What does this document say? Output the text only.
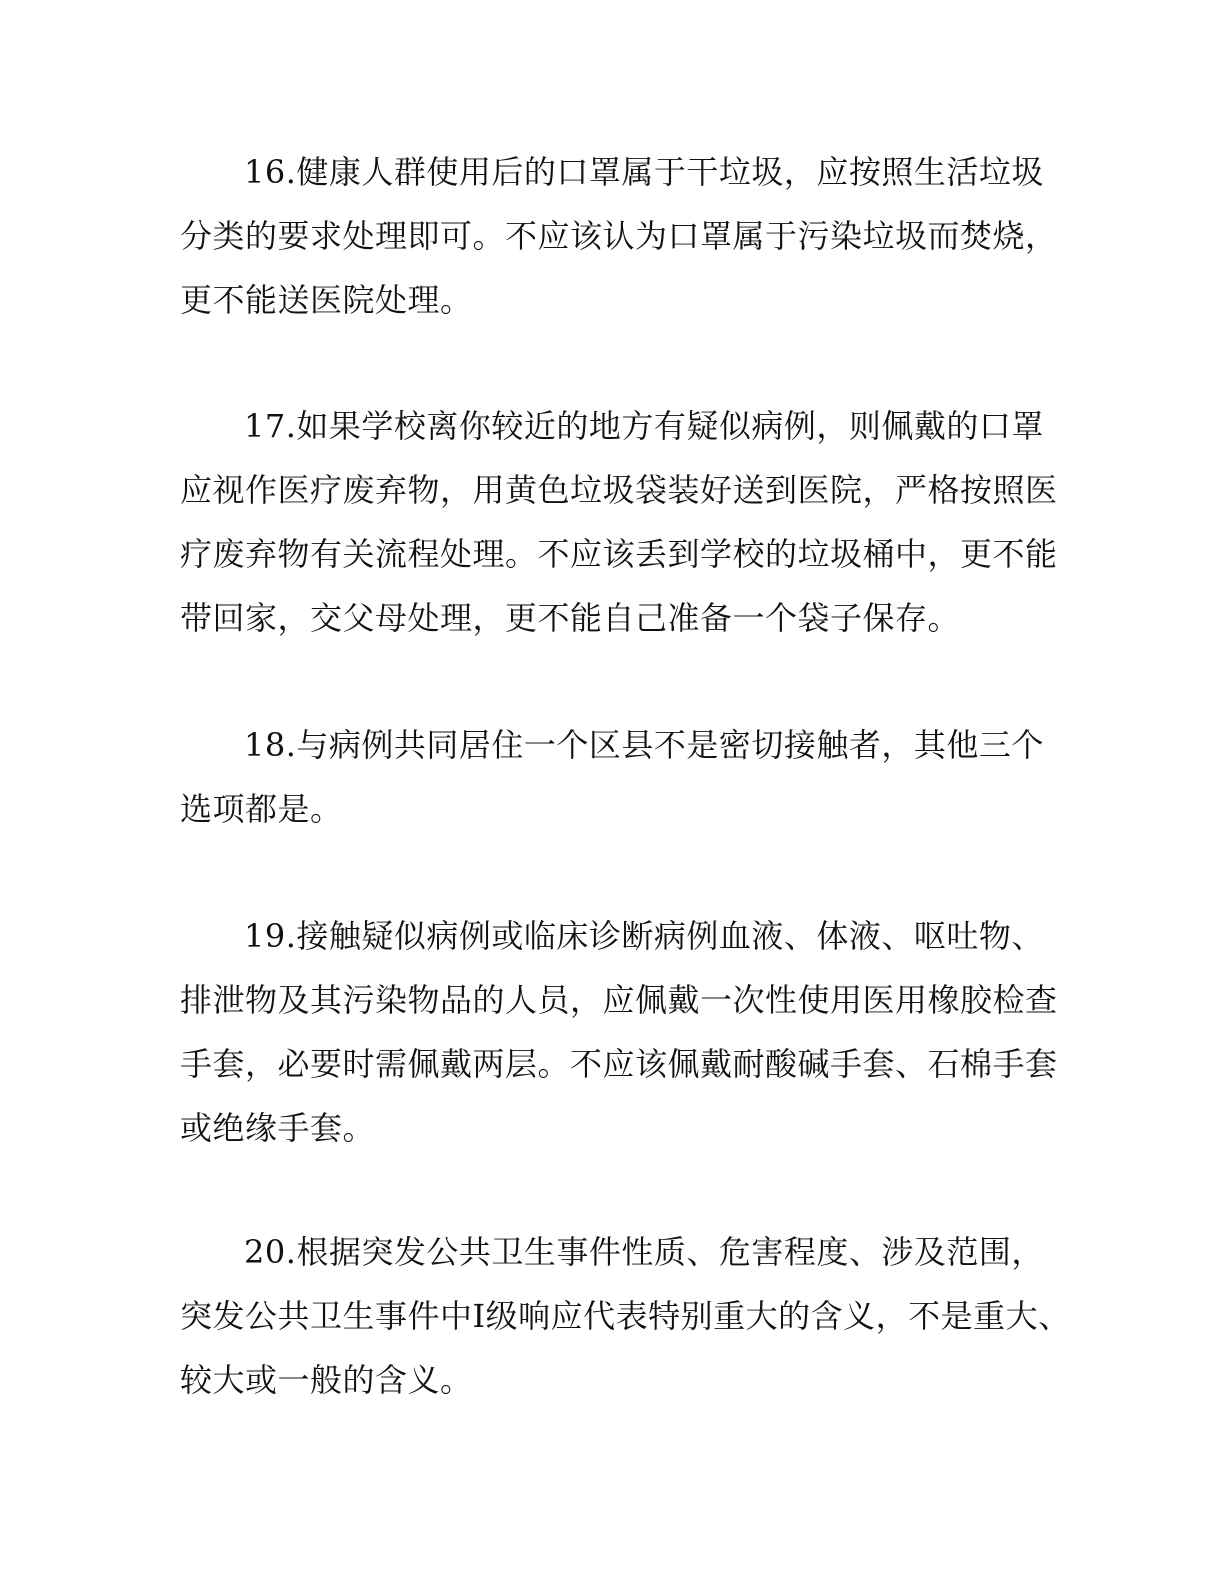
16.健康人群使用后的口罩属于干垃圾，应按照生活垃圾
分类的要求处理即可。不应该认为口罩属于污染垃圾而焚烧，
更不能送医院处理。
17.如果学校离你较近的地方有疑似病例，则佩戴的口罩
应视作医疗废弃物，用黄色垃圾袋装好送到医院，严格按照医
疗废弃物有关流程处理。不应该丢到学校的垃圾桶中，更不能
带回家，交父母处理，更不能自己准备一个袋子保存。
18.与病例共同居住一个区县不是密切接触者，其他三个
选项都是。
19.接触疑似病例或临床诊断病例血液、体液、呕吐物、
排泄物及其污染物品的人员，应佩戴一次性使用医用橡胶检查
手套，必要时需佩戴两层。不应该佩戴耐酸碱手套、石棉手套
或绝缘手套。
20.根据突发公共卫生事件性质、危害程度、涉及范围，
突发公共卫生事件中Ⅰ级响应代表特别重大的含义，不是重大、
较大或一般的含义。
